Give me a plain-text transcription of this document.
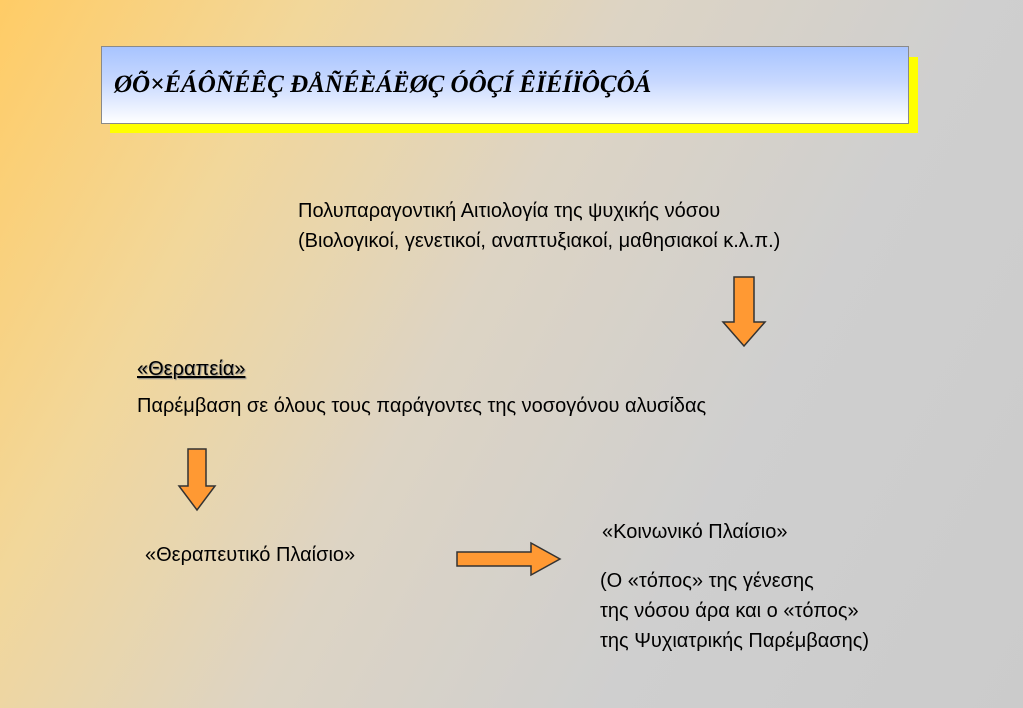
ØÕ×ÉÁÔÑÉÊÇ ÐÅÑÉÈÁËØÇ ÓÔÇÍ ÊÏÉÍÏÔÇÔÁ
Πολυπαραγοντική Αιτιολογία της ψυχικής νόσου
(Βιολογικοί, γενετικοί, αναπτυξιακοί, μαθησιακοί κ.λ.π.)
«Θεραπεία»
Παρέμβαση σε όλους τους παράγοντες της νοσογόνου αλυσίδας
«Θεραπευτικό Πλαίσιο»
«Κοινωνικό Πλαίσιο»
(Ο «τόπος» της γένεσης
της νόσου άρα και ο «τόπος»
της Ψυχιατρικής Παρέμβασης)
